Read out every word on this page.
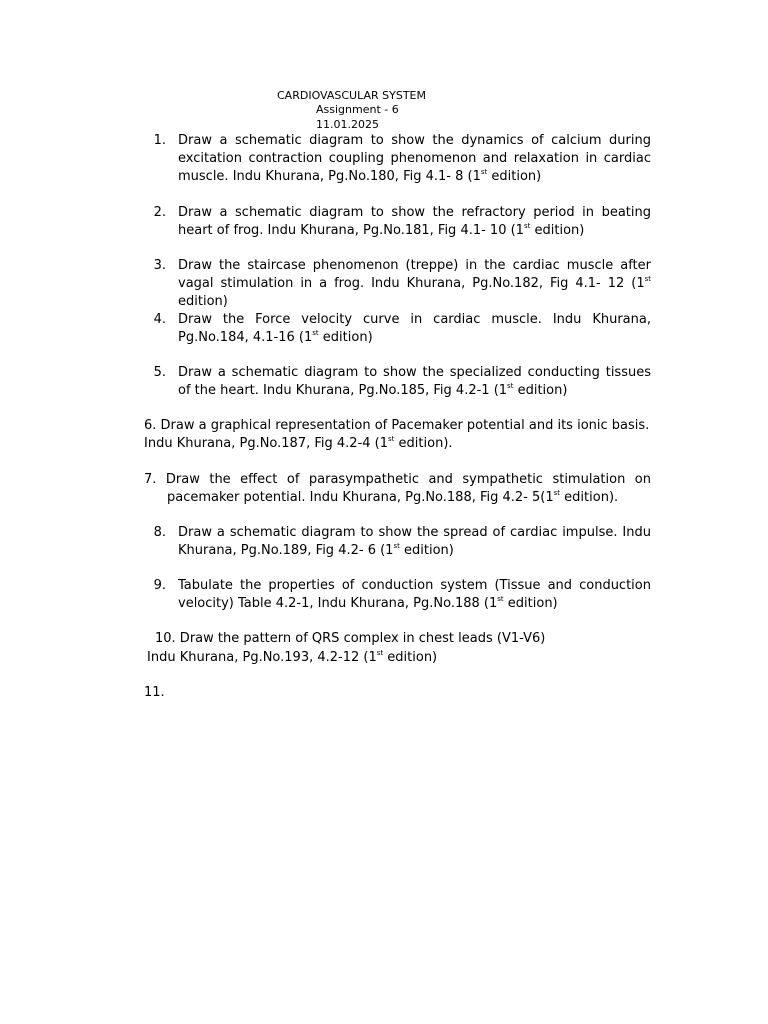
CARDIOVASCULAR SYSTEM
Assignment - 6
11.01.2025
1. Draw a schematic diagram to show the dynamics of calcium during excitation contraction coupling phenomenon and relaxation in cardiac muscle. Indu Khurana, Pg.No.180, Fig 4.1- 8 (1st edition)
2. Draw a schematic diagram to show the refractory period in beating heart of frog. Indu Khurana, Pg.No.181, Fig 4.1- 10 (1st edition)
3. Draw the staircase phenomenon (treppe) in the cardiac muscle after vagal stimulation in a frog. Indu Khurana, Pg.No.182, Fig 4.1- 12 (1st edition)
4. Draw the Force velocity curve in cardiac muscle. Indu Khurana, Pg.No.184, 4.1-16 (1st edition)
5. Draw a schematic diagram to show the specialized conducting tissues of the heart. Indu Khurana, Pg.No.185, Fig 4.2-1 (1st edition)
6. Draw a graphical representation of Pacemaker potential and its ionic basis.
Indu Khurana, Pg.No.187, Fig 4.2-4 (1st edition).
7. Draw the effect of parasympathetic and sympathetic stimulation on
pacemaker potential. Indu Khurana, Pg.No.188, Fig 4.2- 5(1st edition).
8. Draw a schematic diagram to show the spread of cardiac impulse. Indu Khurana, Pg.No.189, Fig 4.2- 6 (1st edition)
9. Tabulate the properties of conduction system (Tissue and conduction velocity) Table 4.2-1, Indu Khurana, Pg.No.188 (1st edition)
10. Draw the pattern of QRS complex in chest leads (V1-V6)
Indu Khurana, Pg.No.193, 4.2-12 (1st edition)
11.
